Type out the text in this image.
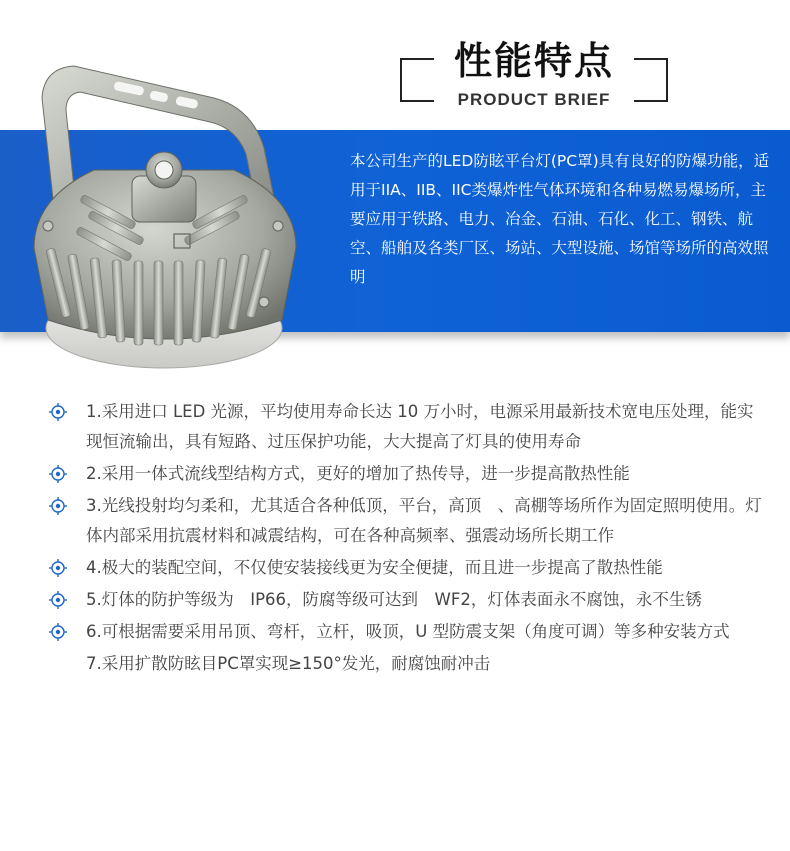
性能特点
PRODUCT BRIEF
本公司生产的LED防眩平台灯(PC罩)具有良好的防爆功能，适用于IIA、IIB、IIC类爆炸性气体环境和各种易燃易爆场所，主要应用于铁路、电力、冶金、石油、石化、化工、钢铁、航空、船舶及各类厂区、场站、大型设施、场馆等场所的高效照明
1.采用进口 LED 光源，平均使用寿命长达 10 万小时，电源采用最新技术宽电压处理，能实现恒流输出，具有短路、过压保护功能，大大提高了灯具的使用寿命
2.采用一体式流线型结构方式，更好的增加了热传导，进一步提高散热性能
3.光线投射均匀柔和，尤其适合各种低顶，平台，高顶　、高棚等场所作为固定照明使用。灯体内部采用抗震材料和减震结构，可在各种高频率、强震动场所长期工作
4.极大的装配空间，不仅使安装接线更为安全便捷，而且进一步提高了散热性能
5.灯体的防护等级为　IP66，防腐等级可达到　WF2，灯体表面永不腐蚀，永不生锈
6.可根据需要采用吊顶、弯杆，立杆，吸顶，U 型防震支架（角度可调）等多种安装方式
7.采用扩散防眩目PC罩实现≥150°发光，耐腐蚀耐冲击
